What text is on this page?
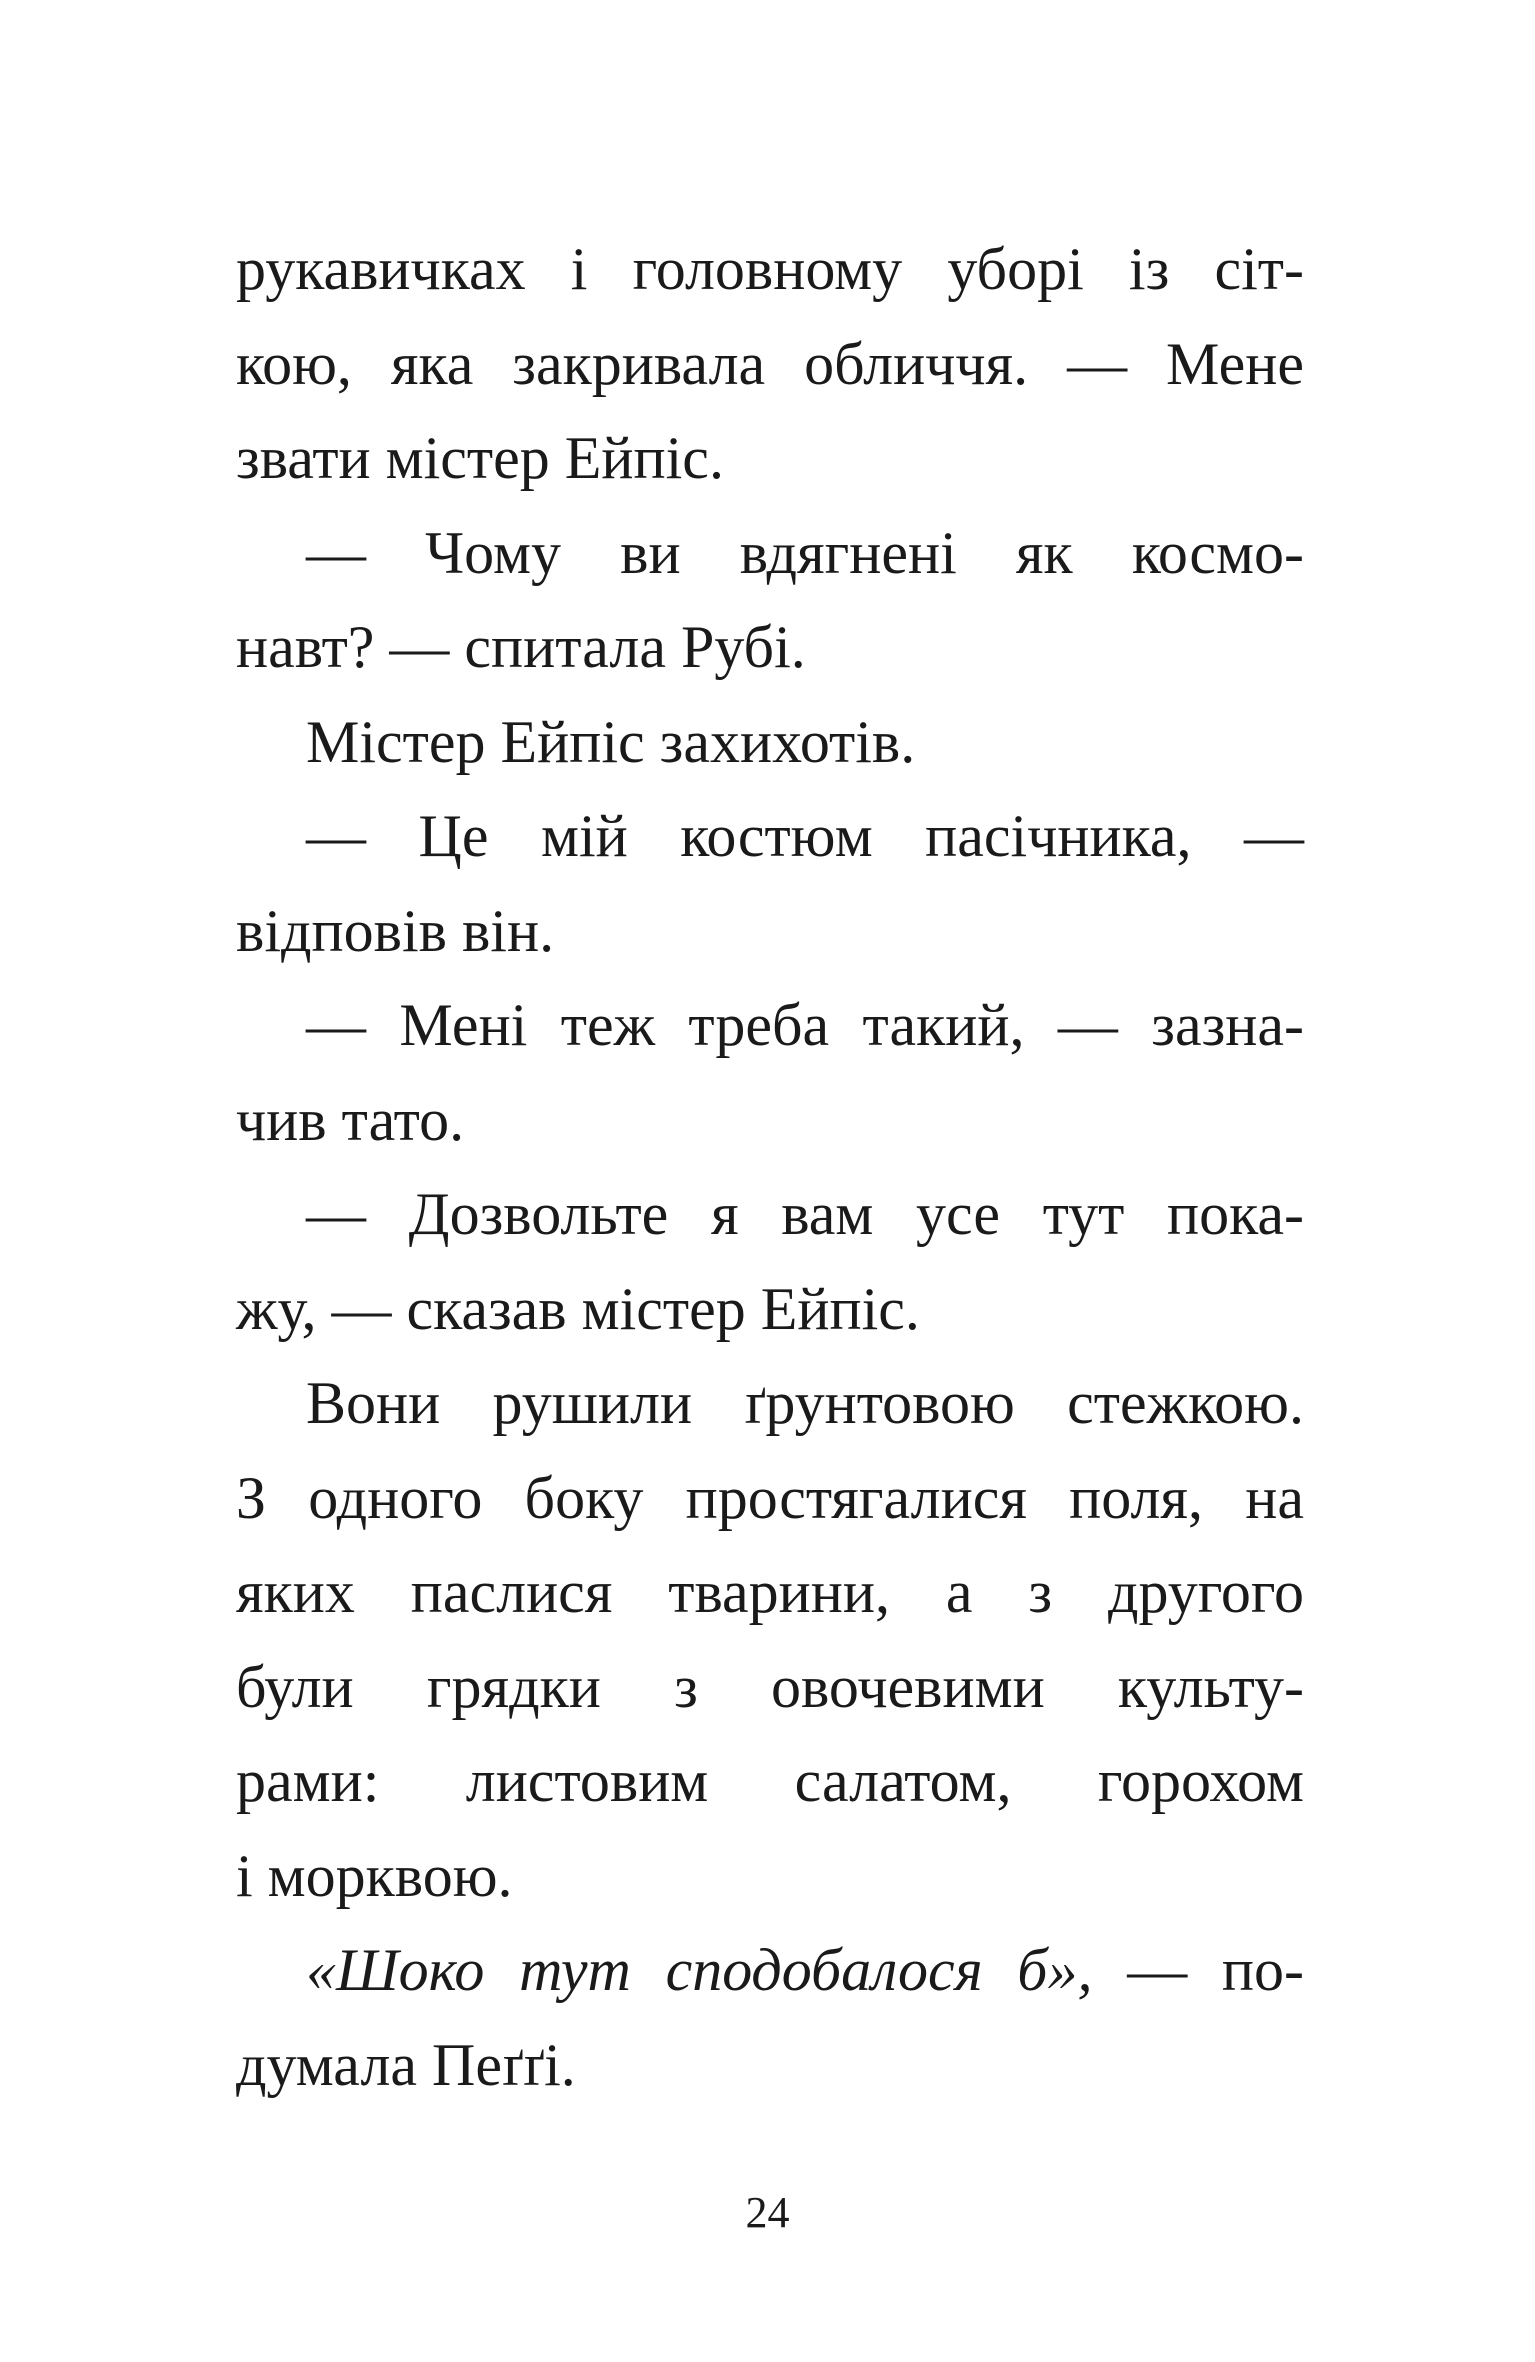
рукавичках і головному уборі із сіт-
кою, яка закривала обличчя. — Мене
звати містер Ейпіс.
— Чому ви вдягнені як космо-
навт? — спитала Рубі.
Містер Ейпіс захихотів.
— Це мій костюм пасічника, —
відповів він.
— Мені теж треба такий, — зазна-
чив тато.
— Дозвольте я вам усе тут пока-
жу, — сказав містер Ейпіс.
Вони рушили ґрунтовою стежкою.
З одного боку простягалися поля, на
яких паслися тварини, а з другого
були грядки з овочевими культу-
рами: листовим салатом, горохом
і морквою.
«Шоко тут сподобалося б», — по-
думала Пеґґі.
24
